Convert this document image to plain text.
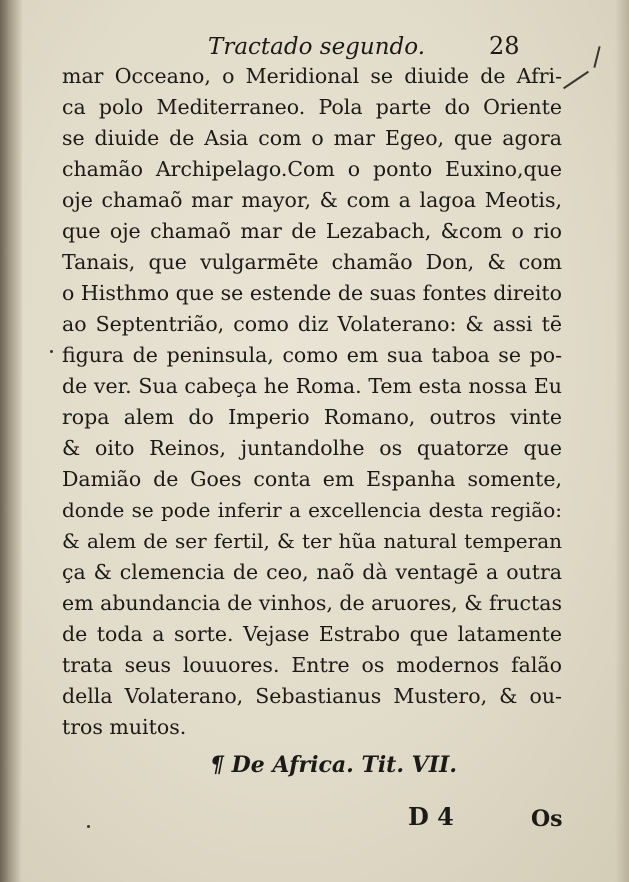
Tractado segundo.	28
mar Occeano, o Meridional se diuide de Afri-
ca polo Mediterraneo. Pola parte do Oriente
se diuide de Asia com o mar Egeo, que agora
chamão Archipelago.Com o ponto Euxino,que
oje chamaõ mar mayor, & com a lagoa Meotis,
que oje chamaõ mar de Lezabach, &com o rio
Tanais, que vulgarmēte chamão Don, & com
o Histhmo que se estende de suas fontes direito
ao Septentrião, como diz Volaterano: & assi tē
figura de peninsula, como em sua taboa se po-
de ver. Sua cabeça he Roma. Tem esta nossa Eu
ropa alem do Imperio Romano, outros vinte
& oito Reinos, juntandolhe os quatorze que
Damião de Goes conta em Espanha somente,
donde se pode inferir a excellencia desta região:
& alem de ser fertil, & ter hũa natural temperan
ça & clemencia de ceo, naõ dà ventagē a outra
em abundancia de vinhos, de aruores, & fructas
de toda a sorte. Vejase Estrabo que latamente
trata seus louuores. Entre os modernos falão
della Volaterano, Sebastianus Mustero, & ou-
tros muitos.
¶ De Africa. Tit. VII.
D 4	Os
